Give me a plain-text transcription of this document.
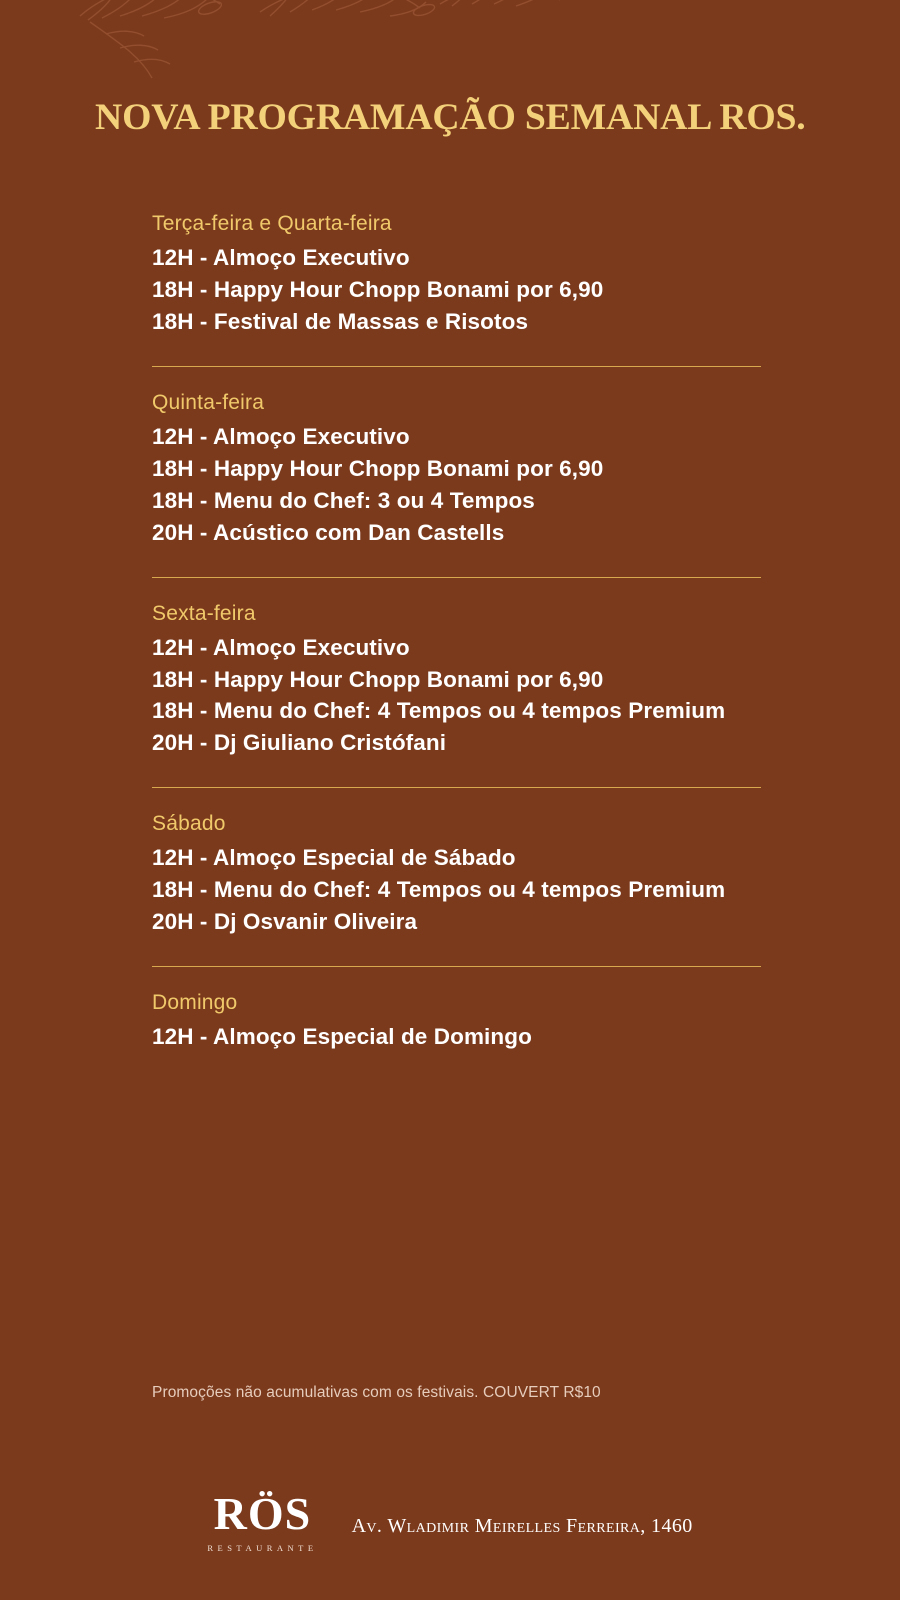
NOVA PROGRAMAÇÃO SEMANAL ROS.
Terça-feira e Quarta-feira
12H - Almoço Executivo
18H - Happy Hour Chopp Bonami por 6,90
18H - Festival de Massas e Risotos
Quinta-feira
12H - Almoço Executivo
18H - Happy Hour Chopp Bonami por 6,90
18H - Menu do Chef: 3 ou 4 Tempos
20H - Acústico com Dan Castells
Sexta-feira
12H - Almoço Executivo
18H - Happy Hour Chopp Bonami por 6,90
18H - Menu do Chef: 4 Tempos ou 4 tempos Premium
20H - Dj Giuliano Cristófani
Sábado
12H - Almoço Especial de Sábado
18H - Menu do Chef: 4 Tempos ou 4 tempos Premium
20H - Dj Osvanir Oliveira
Domingo
12H - Almoço Especial de Domingo
Promoções não acumulativas com os festivais. COUVERT R$10
RÖS
RESTAURANTE
Av. Wladimir Meirelles Ferreira, 1460
